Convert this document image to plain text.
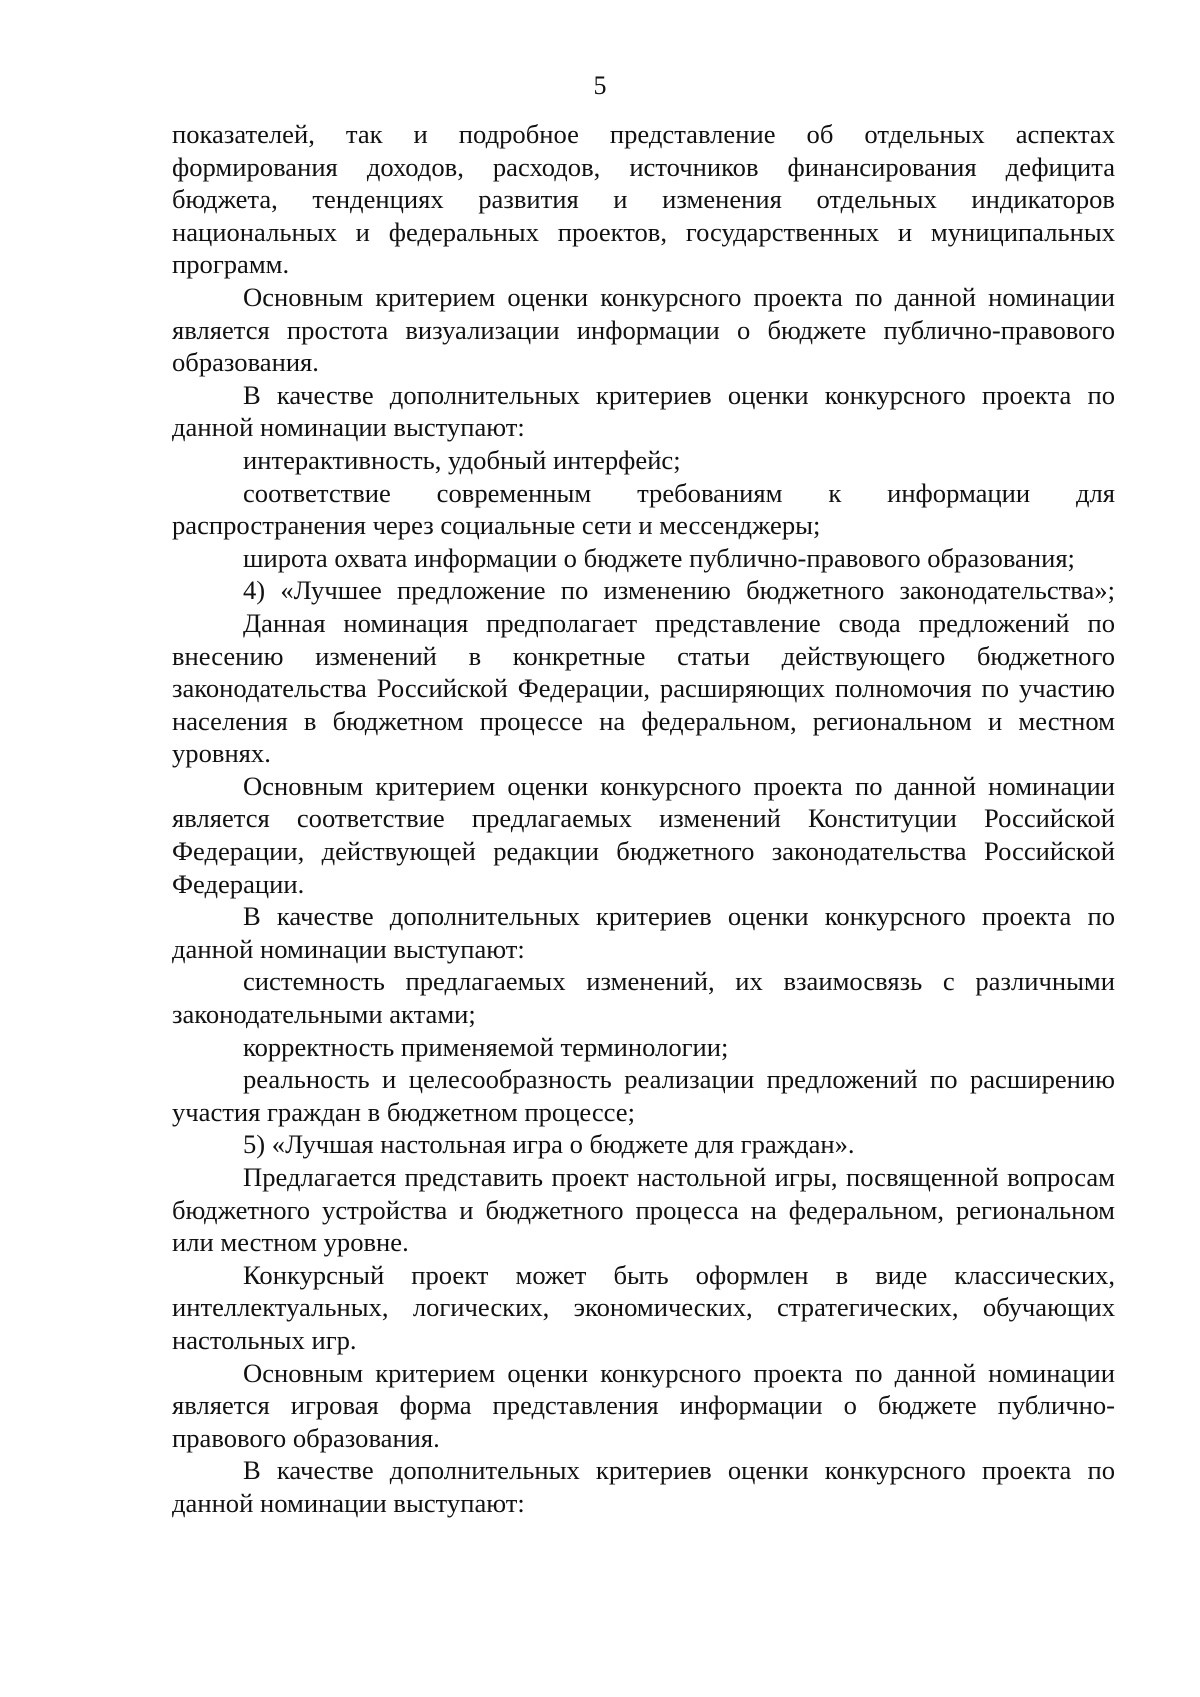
5

показателей, так и подробное представление об отдельных аспектах формирования доходов, расходов, источников финансирования дефицита бюджета, тенденциях развития и изменения отдельных индикаторов национальных и федеральных проектов, государственных и муниципальных программ.

Основным критерием оценки конкурсного проекта по данной номинации является простота визуализации информации о бюджете публично-правового образования.

В качестве дополнительных критериев оценки конкурсного проекта по данной номинации выступают:

интерактивность, удобный интерфейс;

соответствие современным требованиям к информации для распространения через социальные сети и мессенджеры;

широта охвата информации о бюджете публично-правового образования;

4) «Лучшее предложение по изменению бюджетного законодательства»;

Данная номинация предполагает представление свода предложений по внесению изменений в конкретные статьи действующего бюджетного законодательства Российской Федерации, расширяющих полномочия по участию населения в бюджетном процессе на федеральном, региональном и местном уровнях.

Основным критерием оценки конкурсного проекта по данной номинации является соответствие предлагаемых изменений Конституции Российской Федерации, действующей редакции бюджетного законодательства Российской Федерации.

В качестве дополнительных критериев оценки конкурсного проекта по данной номинации выступают:

системность предлагаемых изменений, их взаимосвязь с различными законодательными актами;

корректность применяемой терминологии;

реальность и целесообразность реализации предложений по расширению участия граждан в бюджетном процессе;

5) «Лучшая настольная игра о бюджете для граждан».

Предлагается представить проект настольной игры, посвященной вопросам бюджетного устройства и бюджетного процесса на федеральном, региональном или местном уровне.

Конкурсный проект может быть оформлен в виде классических, интеллектуальных, логических, экономических, стратегических, обучающих настольных игр.

Основным критерием оценки конкурсного проекта по данной номинации является игровая форма представления информации о бюджете публично-правового образования.

В качестве дополнительных критериев оценки конкурсного проекта по данной номинации выступают:
